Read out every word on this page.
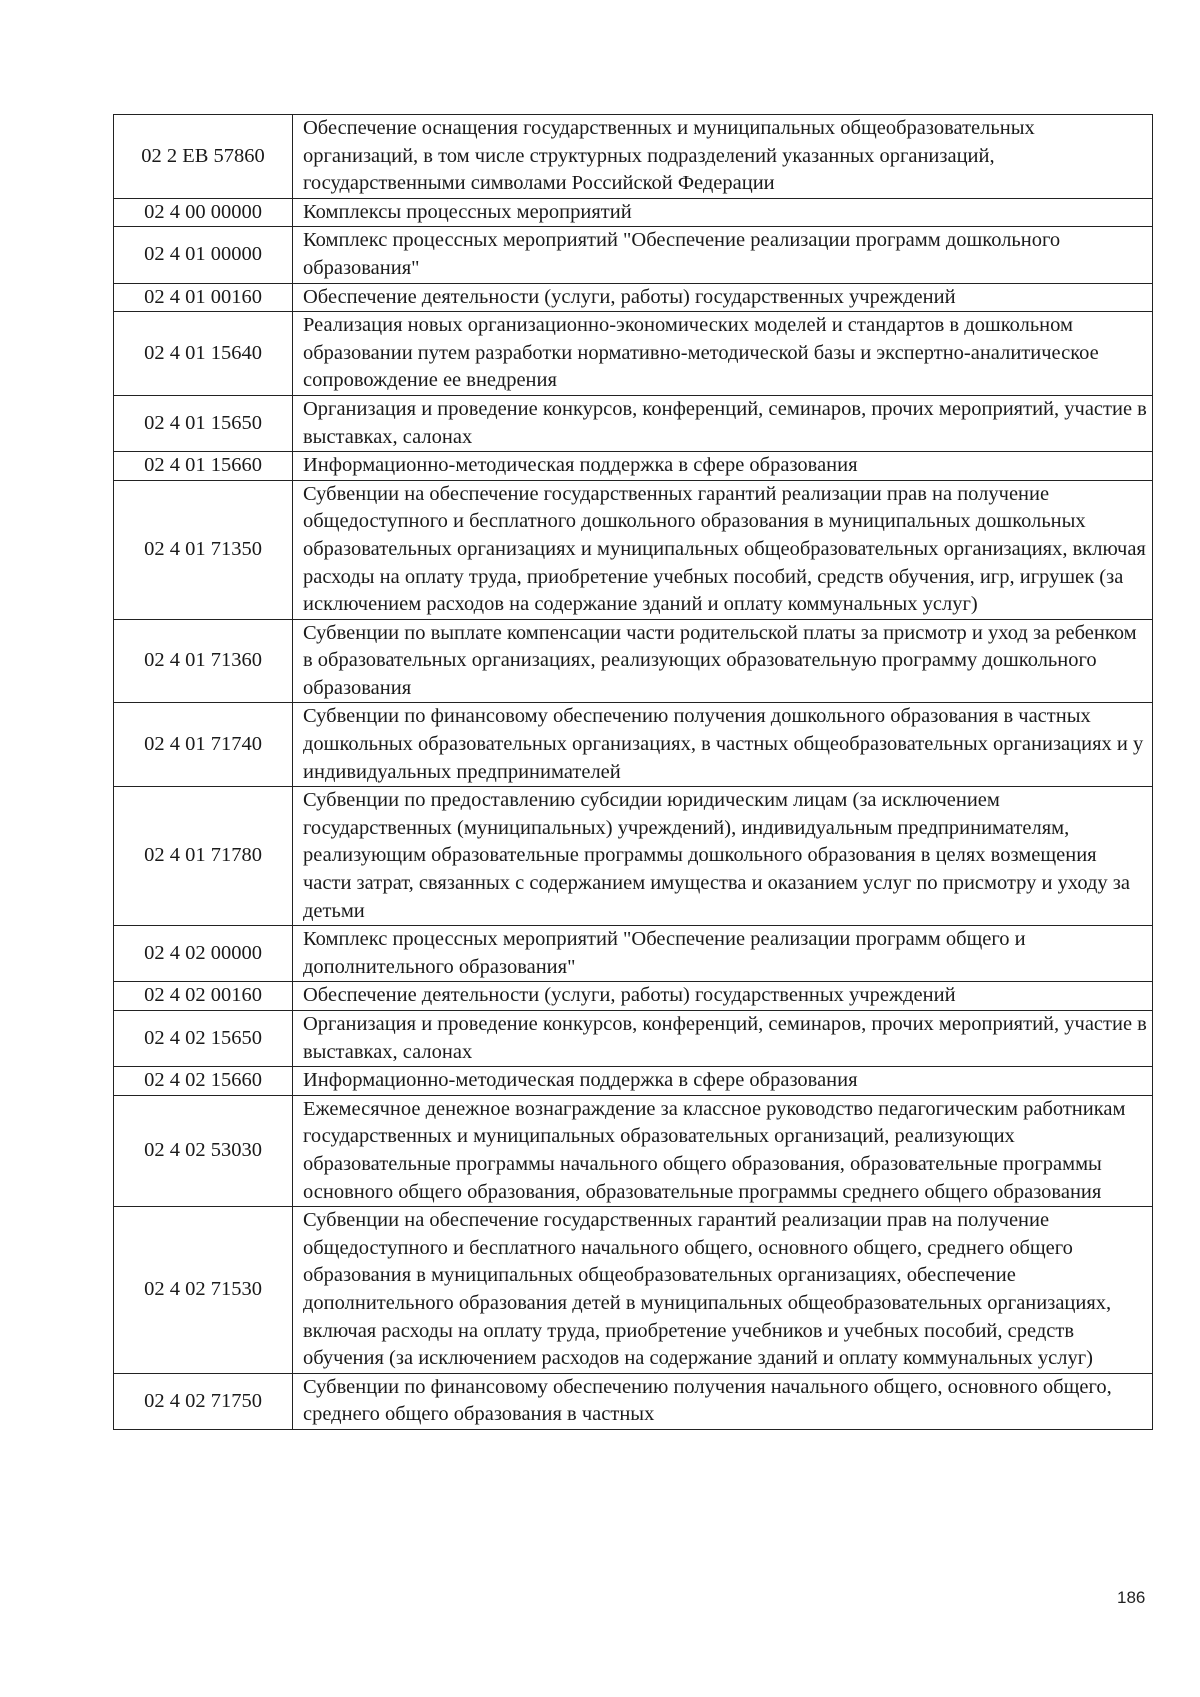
02 2 EB 57860	Обеспечение оснащения государственных и муниципальных общеобразовательных организаций, в том числе структурных подразделений указанных организаций, государственными символами Российской Федерации
02 4 00 00000	Комплексы процессных мероприятий
02 4 01 00000	Комплекс процессных мероприятий "Обеспечение реализации программ дошкольного образования"
02 4 01 00160	Обеспечение деятельности (услуги, работы) государственных учреждений
02 4 01 15640	Реализация новых организационно-экономических моделей и стандартов в дошкольном образовании путем разработки нормативно-методической базы и экспертно-аналитическое сопровождение ее внедрения
02 4 01 15650	Организация и проведение конкурсов, конференций, семинаров, прочих мероприятий, участие в выставках, салонах
02 4 01 15660	Информационно-методическая поддержка в сфере образования
02 4 01 71350	Субвенции на обеспечение государственных гарантий реализации прав на получение общедоступного и бесплатного дошкольного образования в муниципальных дошкольных образовательных организациях и муниципальных общеобразовательных организациях, включая расходы на оплату труда, приобретение учебных пособий, средств обучения, игр, игрушек (за исключением расходов на содержание зданий и оплату коммунальных услуг)
02 4 01 71360	Субвенции по выплате компенсации части родительской платы за присмотр и уход за ребенком в образовательных организациях, реализующих образовательную программу дошкольного образования
02 4 01 71740	Субвенции по финансовому обеспечению получения дошкольного образования в частных дошкольных образовательных организациях, в частных общеобразовательных организациях и у индивидуальных предпринимателей
02 4 01 71780	Субвенции по предоставлению субсидии юридическим лицам (за исключением государственных (муниципальных) учреждений), индивидуальным предпринимателям, реализующим образовательные программы дошкольного образования в целях возмещения части затрат, связанных с содержанием имущества и оказанием услуг по присмотру и уходу за детьми
02 4 02 00000	Комплекс процессных мероприятий "Обеспечение реализации программ общего и дополнительного образования"
02 4 02 00160	Обеспечение деятельности (услуги, работы) государственных учреждений
02 4 02 15650	Организация и проведение конкурсов, конференций, семинаров, прочих мероприятий, участие в выставках, салонах
02 4 02 15660	Информационно-методическая поддержка в сфере образования
02 4 02 53030	Ежемесячное денежное вознаграждение за классное руководство педагогическим работникам государственных и муниципальных образовательных организаций, реализующих образовательные программы начального общего образования, образовательные программы основного общего образования, образовательные программы среднего общего образования
02 4 02 71530	Субвенции на обеспечение государственных гарантий реализации прав на получение общедоступного и бесплатного начального общего, основного общего, среднего общего образования в муниципальных общеобразовательных организациях, обеспечение дополнительного образования детей в муниципальных общеобразовательных организациях, включая расходы на оплату труда, приобретение учебников и учебных пособий, средств обучения (за исключением расходов на содержание зданий и оплату коммунальных услуг)
02 4 02 71750	Субвенции по финансовому обеспечению получения начального общего, основного общего, среднего общего образования в частных
186
